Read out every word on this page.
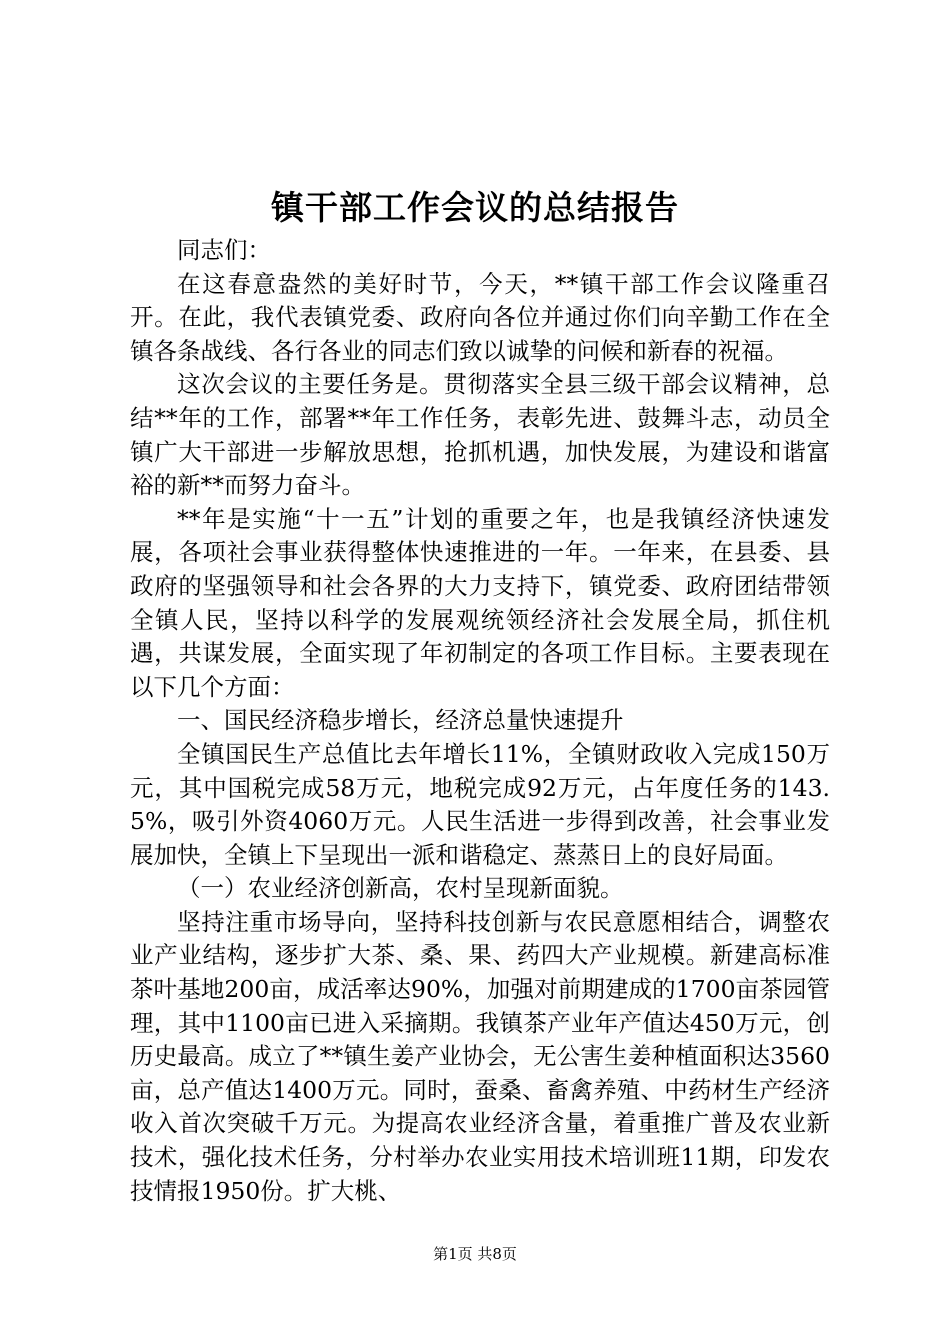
镇干部工作会议的总结报告

同志们：

在这春意盎然的美好时节，今天，**镇干部工作会议隆重召开。在此，我代表镇党委、政府向各位并通过你们向辛勤工作在全镇各条战线、各行各业的同志们致以诚挚的问候和新春的祝福。

这次会议的主要任务是。贯彻落实全县三级干部会议精神，总结**年的工作，部署**年工作任务，表彰先进、鼓舞斗志，动员全镇广大干部进一步解放思想，抢抓机遇，加快发展，为建设和谐富裕的新**而努力奋斗。

**年是实施“十一五”计划的重要之年，也是我镇经济快速发展，各项社会事业获得整体快速推进的一年。一年来，在县委、县政府的坚强领导和社会各界的大力支持下，镇党委、政府团结带领全镇人民，坚持以科学的发展观统领经济社会发展全局，抓住机遇，共谋发展，全面实现了年初制定的各项工作目标。主要表现在以下几个方面：

一、国民经济稳步增长，经济总量快速提升

全镇国民生产总值比去年增长11%，全镇财政收入完成150万元，其中国税完成58万元，地税完成92万元，占年度任务的143.5%，吸引外资4060万元。人民生活进一步得到改善，社会事业发展加快，全镇上下呈现出一派和谐稳定、蒸蒸日上的良好局面。

（一）农业经济创新高，农村呈现新面貌。

坚持注重市场导向，坚持科技创新与农民意愿相结合，调整农业产业结构，逐步扩大茶、桑、果、药四大产业规模。新建高标准茶叶基地200亩，成活率达90%，加强对前期建成的1700亩茶园管理，其中1100亩已进入采摘期。我镇茶产业年产值达450万元，创历史最高。成立了**镇生姜产业协会，无公害生姜种植面积达3560亩，总产值达1400万元。同时，蚕桑、畜禽养殖、中药材生产经济收入首次突破千万元。为提高农业经济含量，着重推广普及农业新技术，强化技术任务，分村举办农业实用技术培训班11期，印发农技情报1950份。扩大桃、

第1页 共8页
